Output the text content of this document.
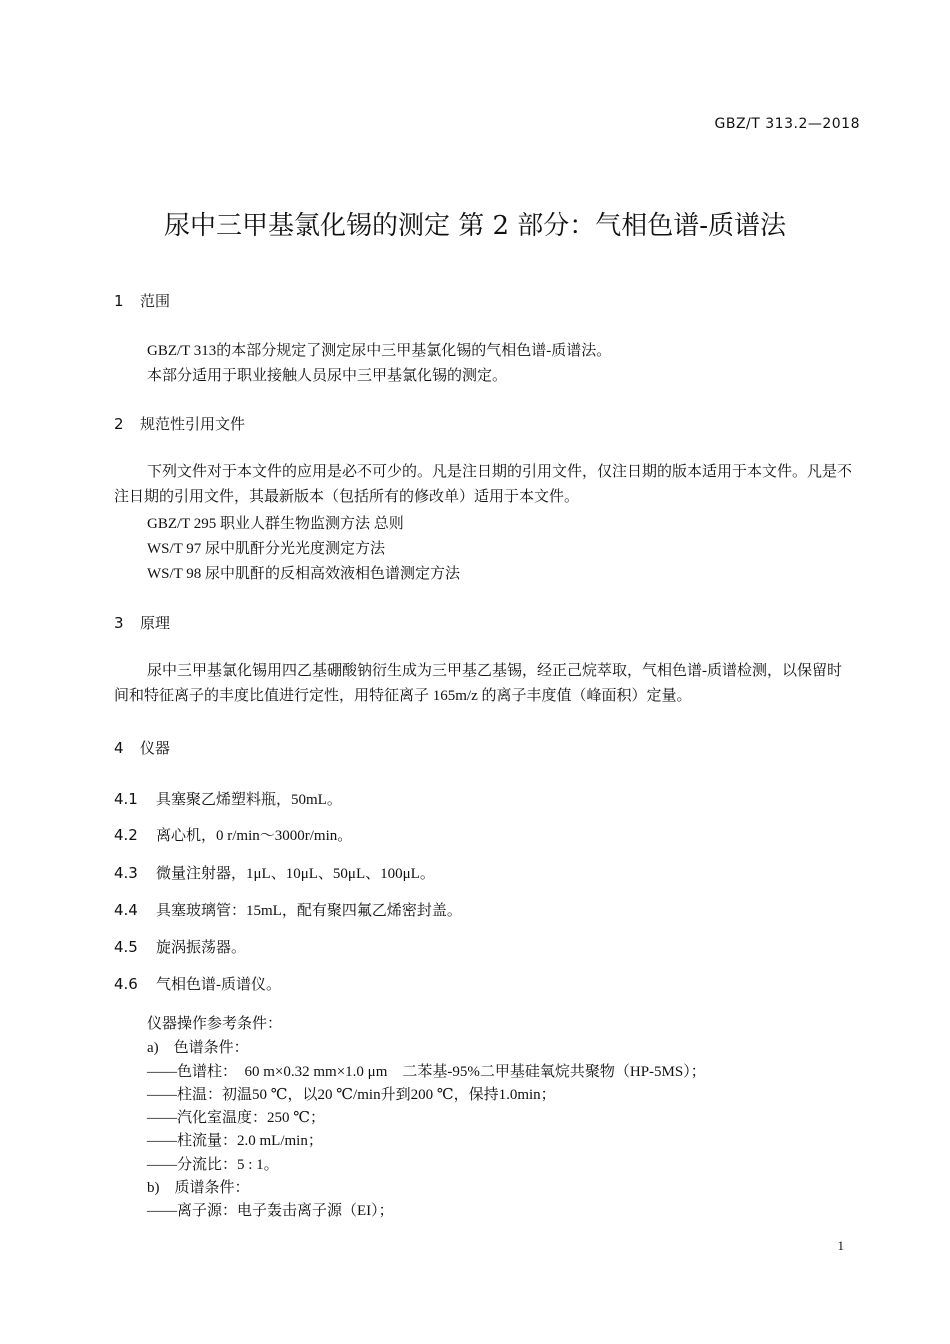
GBZ/T 313.2—2018
尿中三甲基氯化锡的测定 第 2 部分：气相色谱-质谱法
1 范围
GBZ/T 313的本部分规定了测定尿中三甲基氯化锡的气相色谱-质谱法。
本部分适用于职业接触人员尿中三甲基氯化锡的测定。
2 规范性引用文件
下列文件对于本文件的应用是必不可少的。凡是注日期的引用文件，仅注日期的版本适用于本文件。凡是不注日期的引用文件，其最新版本（包括所有的修改单）适用于本文件。
GBZ/T 295 职业人群生物监测方法 总则
WS/T 97 尿中肌酐分光光度测定方法
WS/T 98 尿中肌酐的反相高效液相色谱测定方法
3 原理
尿中三甲基氯化锡用四乙基硼酸钠衍生成为三甲基乙基锡，经正己烷萃取，气相色谱-质谱检测，以保留时间和特征离子的丰度比值进行定性，用特征离子 165m/z 的离子丰度值（峰面积）定量。
4 仪器
4.1 具塞聚乙烯塑料瓶，50mL。
4.2 离心机，0 r/min～3000r/min。
4.3 微量注射器，1μL、10μL、50μL、100μL。
4.4 具塞玻璃管：15mL，配有聚四氟乙烯密封盖。
4.5 旋涡振荡器。
4.6 气相色谱-质谱仪。
仪器操作参考条件：
a)    色谱条件：
——色谱柱：  60 m×0.32 mm×1.0 μm    二苯基-95%二甲基硅氧烷共聚物（HP-5MS）；
——柱温：初温50 ℃，以20 ℃/min升到200 ℃，保持1.0min；
——汽化室温度：250 ℃；
——柱流量：2.0 mL/min；
——分流比：5 : 1。
b)    质谱条件：
——离子源：电子轰击离子源（EI）；
1
